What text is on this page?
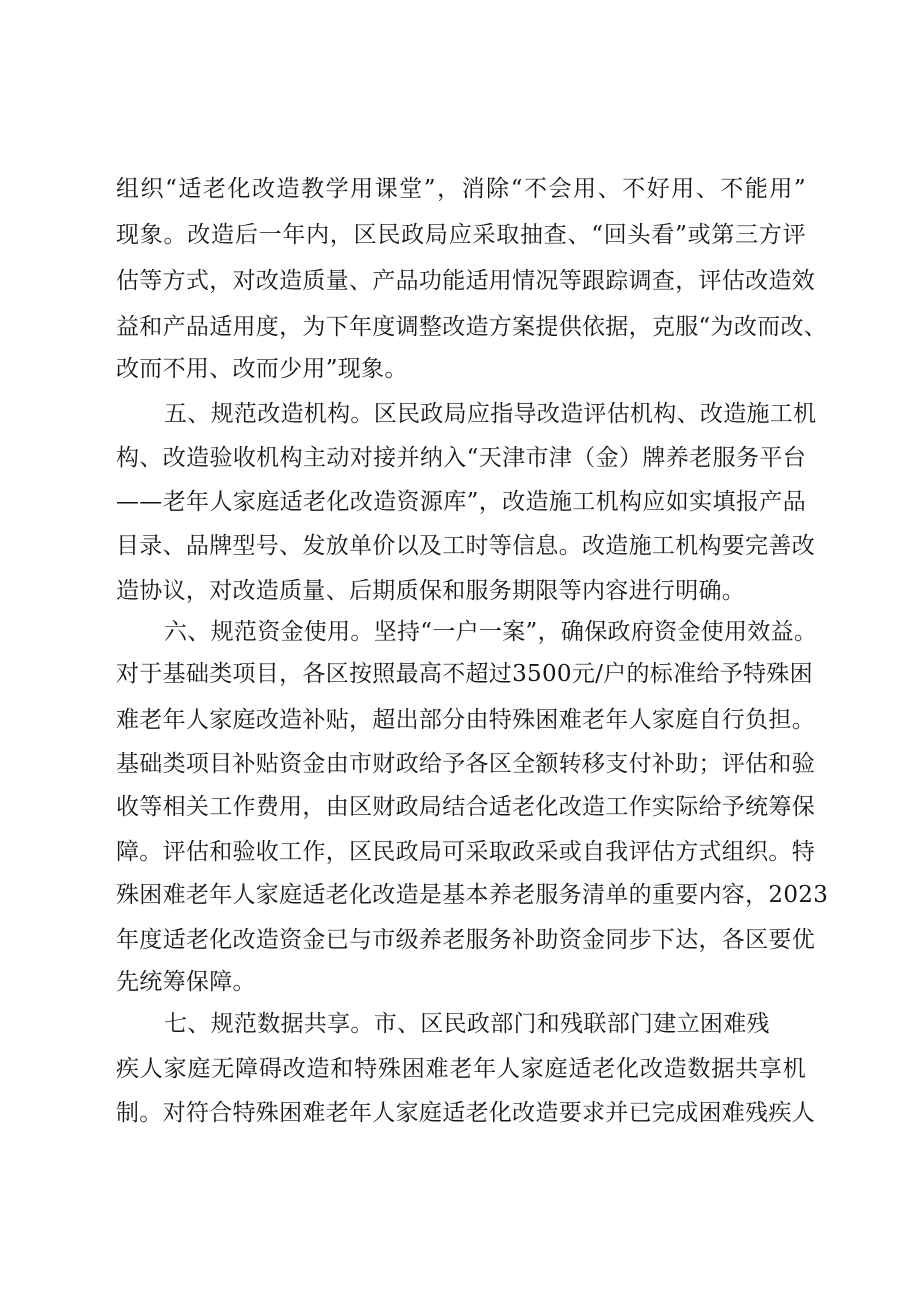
组织“适老化改造教学用课堂”，消除“不会用、不好用、不能用”
现象。改造后一年内，区民政局应采取抽查、“回头看”或第三方评
估等方式，对改造质量、产品功能适用情况等跟踪调查，评估改造效
益和产品适用度，为下年度调整改造方案提供依据，克服“为改而改、
改而不用、改而少用”现象。
五、规范改造机构。区民政局应指导改造评估机构、改造施工机
构、改造验收机构主动对接并纳入“天津市津（金）牌养老服务平台
——老年人家庭适老化改造资源库”，改造施工机构应如实填报产品
目录、品牌型号、发放单价以及工时等信息。改造施工机构要完善改
造协议，对改造质量、后期质保和服务期限等内容进行明确。
六、规范资金使用。坚持“一户一案”，确保政府资金使用效益。
对于基础类项目，各区按照最高不超过3500元/户的标准给予特殊困
难老年人家庭改造补贴，超出部分由特殊困难老年人家庭自行负担。
基础类项目补贴资金由市财政给予各区全额转移支付补助；评估和验
收等相关工作费用，由区财政局结合适老化改造工作实际给予统筹保
障。评估和验收工作，区民政局可采取政采或自我评估方式组织。特
殊困难老年人家庭适老化改造是基本养老服务清单的重要内容，2023
年度适老化改造资金已与市级养老服务补助资金同步下达，各区要优
先统筹保障。
七、规范数据共享。市、区民政部门和残联部门建立困难残
疾人家庭无障碍改造和特殊困难老年人家庭适老化改造数据共享机
制。对符合特殊困难老年人家庭适老化改造要求并已完成困难残疾人
